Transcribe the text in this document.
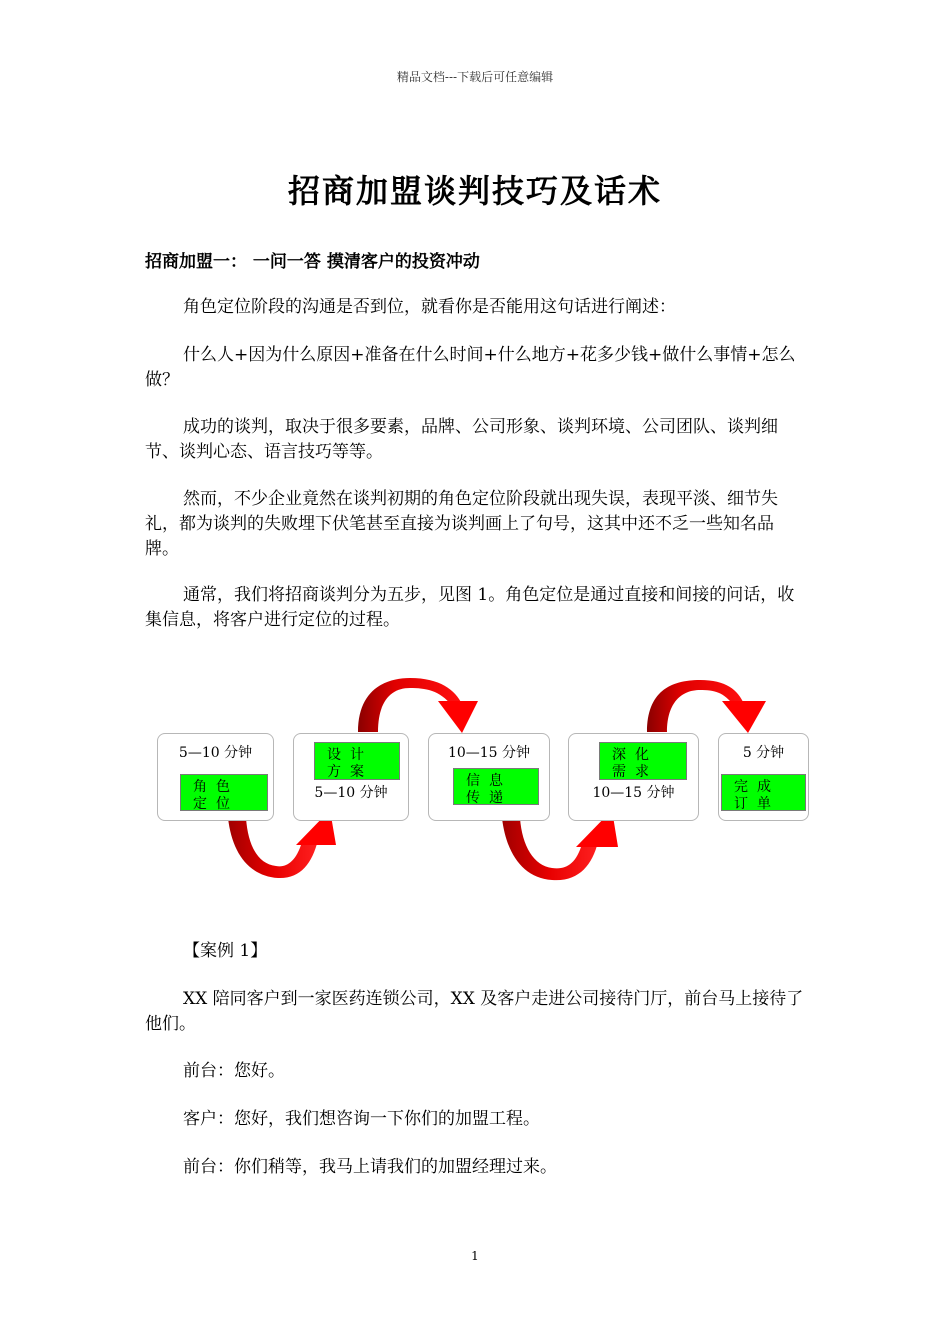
精品文档---下载后可任意编辑
招商加盟谈判技巧及话术
招商加盟一： 一问一答 摸清客户的投资冲动

角色定位阶段的沟通是否到位，就看你是否能用这句话进行阐述：

什么人+因为什么原因+准备在什么时间+什么地方+花多少钱+做什么事情+怎么做？

成功的谈判，取决于很多要素，品牌、公司形象、谈判环境、公司团队、谈判细节、谈判心态、语言技巧等等。

然而，不少企业竟然在谈判初期的角色定位阶段就出现失误，表现平淡、细节失礼，都为谈判的失败埋下伏笔甚至直接为谈判画上了句号，这其中还不乏一些知名品牌。

通常，我们将招商谈判分为五步，见图 1。角色定位是通过直接和间接的问话，收集信息，将客户进行定位的过程。

5—10 分钟
角色定位
设计方案
5—10 分钟
10—15 分钟
信息传递
深化需求
10—15 分钟
5 分钟
完成订单

【案例 1】

XX 陪同客户到一家医药连锁公司，XX 及客户走进公司接待门厅，前台马上接待了他们。

前台：您好。

客户：您好，我们想咨询一下你们的加盟工程。

前台：你们稍等，我马上请我们的加盟经理过来。

1
